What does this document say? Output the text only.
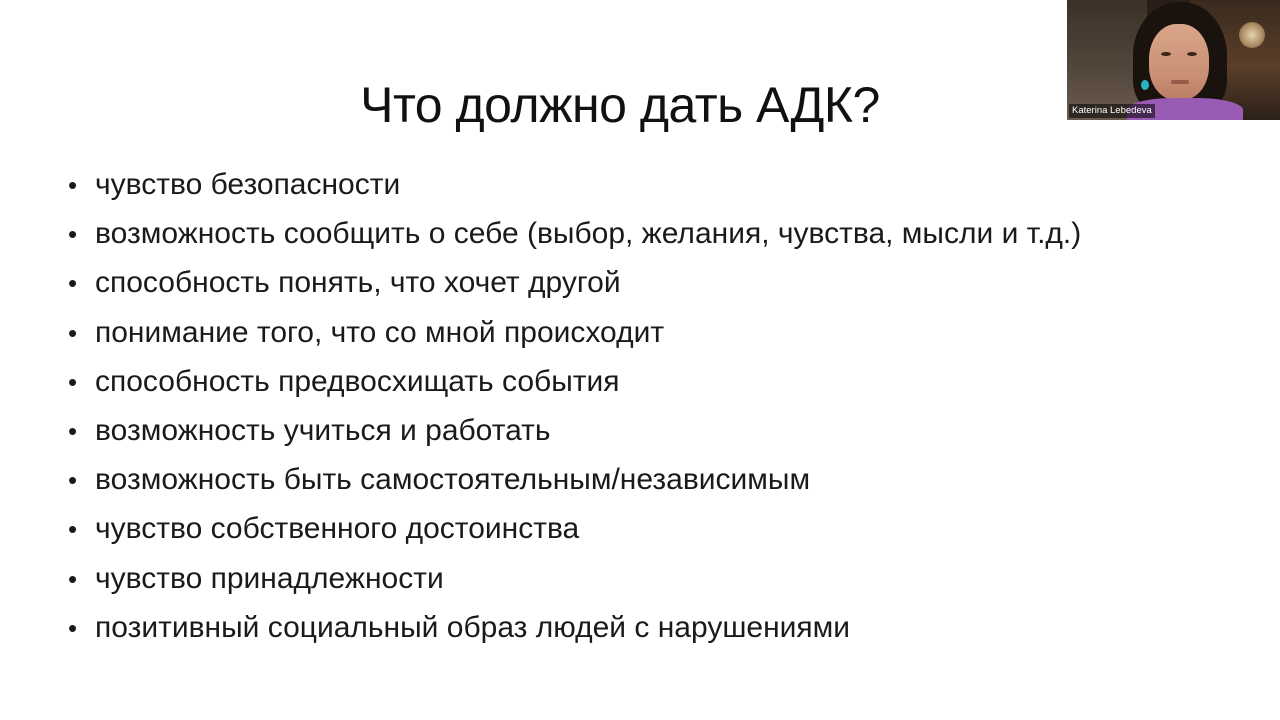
Что должно дать АДК?
• чувство безопасности
• возможность сообщить о себе (выбор, желания, чувства, мысли и т.д.)
• способность понять, что хочет другой
• понимание того, что со мной происходит
• способность предвосхищать события
• возможность учиться и работать
• возможность быть самостоятельным/независимым
• чувство собственного достоинства
• чувство принадлежности
• позитивный социальный образ людей с нарушениями
Katerina Lebedeva
